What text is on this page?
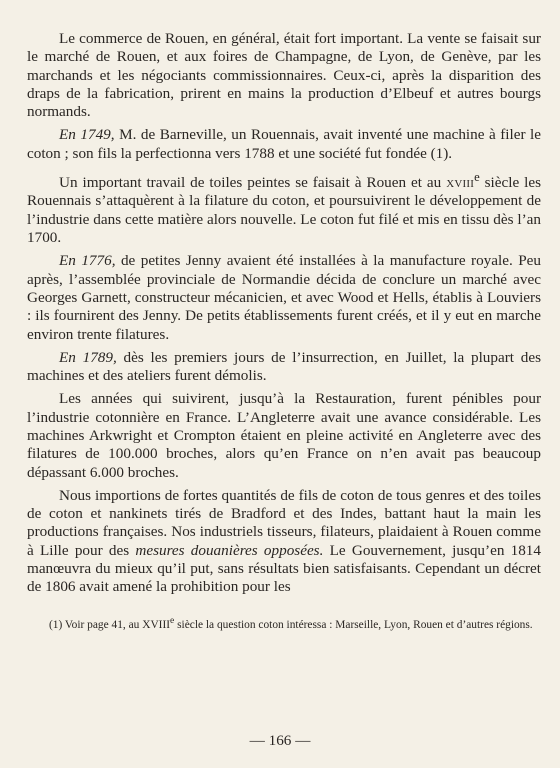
Le commerce de Rouen, en général, était fort important. La vente se faisait sur le marché de Rouen, et aux foires de Champagne, de Lyon, de Genève, par les marchands et les négociants commissionnaires. Ceux-ci, après la disparition des draps de la fabrication, prirent en mains la production d’Elbeuf et autres bourgs normands.

En 1749, M. de Barneville, un Rouennais, avait inventé une machine à filer le coton ; son fils la perfectionna vers 1788 et une société fut fondée (1).

Un important travail de toiles peintes se faisait à Rouen et au xviii$^e$ siècle les Rouennais s’attaquèrent à la filature du coton, et poursuivirent le développement de l’industrie dans cette matière alors nouvelle. Le coton fut filé et mis en tissu dès l’an 1700.

En 1776, de petites Jenny avaient été installées à la manufacture royale. Peu après, l’assemblée provinciale de Normandie décida de conclure un marché avec Georges Garnett, constructeur mécanicien, et avec Wood et Hells, établis à Louviers : ils fournirent des Jenny. De petits établissements furent créés, et il y eut en marche environ trente filatures.

En 1789, dès les premiers jours de l’insurrection, en Juillet, la plupart des machines et des ateliers furent démolis.

Les années qui suivirent, jusqu’à la Restauration, furent pénibles pour l’industrie cotonnière en France. L’Angleterre avait une avance considérable. Les machines Arkwright et Crompton étaient en pleine activité en Angleterre avec des filatures de 100.000 broches, alors qu’en France on n’en avait pas beaucoup dépassant 6.000 broches.

Nous importions de fortes quantités de fils de coton de tous genres et des toiles de coton et nankinets tirés de Bradford et des Indes, battant haut la main les productions françaises. Nos industriels tisseurs, filateurs, plaidaient à Rouen comme à Lille pour des mesures douanières opposées. Le Gouvernement, jusqu’en 1814 manœuvra du mieux qu’il put, sans résultats bien satisfaisants. Cependant un décret de 1806 avait amené la prohibition pour les

(1) Voir page 41, au XVIIIe siècle la question coton intéressa : Marseille, Lyon, Rouen et d’autres régions.

— 166 —
